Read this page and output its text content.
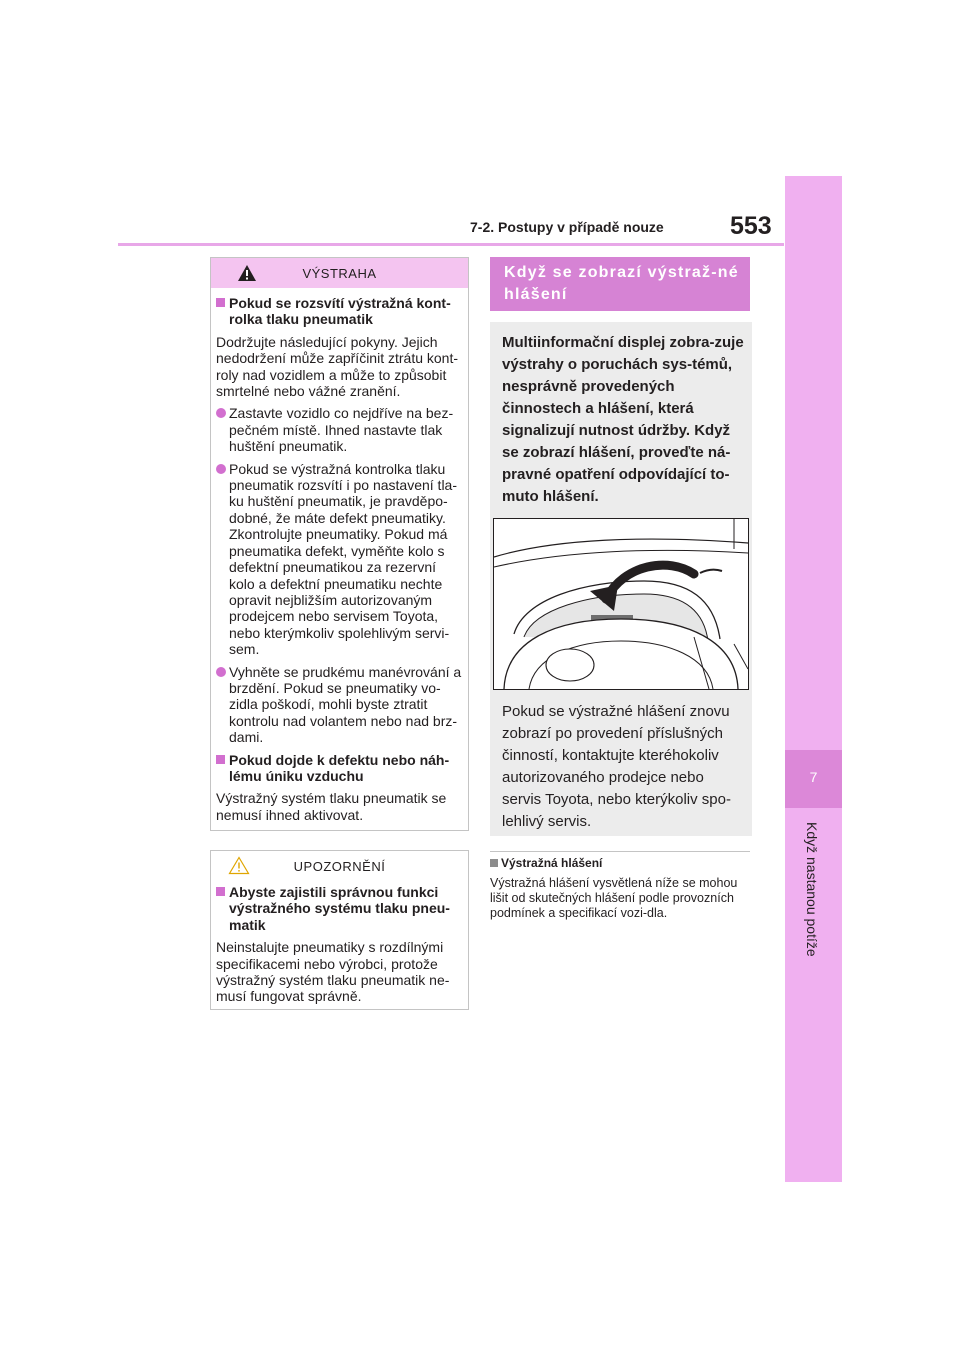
7-2. Postupy v případě nouze	553
7
Když nastanou potíže
VÝSTRAHA

Pokud se rozsvítí výstražná kont-rolka tlaku pneumatik

Dodržujte následující pokyny. Jejich nedodržení může zapříčinit ztrátu kont-roly nad vozidlem a může to způsobit smrtelné nebo vážné zranění.

Zastavte vozidlo co nejdříve na bez-pečném místě. Ihned nastavte tlak huštění pneumatik.

Pokud se výstražná kontrolka tlaku pneumatik rozsvítí i po nastavení tla-ku huštění pneumatik, je pravděpo-dobné, že máte defekt pneumatiky. Zkontrolujte pneumatiky. Pokud má pneumatika defekt, vyměňte kolo s defektní pneumatikou za rezervní kolo a defektní pneumatiku nechte opravit nejbližším autorizovaným prodejcem nebo servisem Toyota, nebo kterýmkoliv spolehlivým servi-sem.

Vyhněte se prudkému manévrování a brzdění. Pokud se pneumatiky vo-zidla poškodí, mohli byste ztratit kontrolu nad volantem nebo nad brz-dami.

Pokud dojde k defektu nebo náh-lému úniku vzduchu

Výstražný systém tlaku pneumatik se nemusí ihned aktivovat.

UPOZORNĚNÍ

Abyste zajistili správnou funkci výstražného systému tlaku pneu-matik

Neinstalujte pneumatiky s rozdílnými specifikacemi nebo výrobci, protože výstražný systém tlaku pneumatik ne-musí fungovat správně.

Když se zobrazí výstraž-né hlášení
Multiinformační displej zobra-zuje výstrahy o poruchách sys-témů, nesprávně provedených činnostech a hlášení, která signalizují nutnost údržby. Když se zobrazí hlášení, proveďte ná-pravné opatření odpovídající to-muto hlášení.
Pokud se výstražné hlášení znovu zobrazí po provedení příslušných činností, kontaktujte kteréhokoliv autorizovaného prodejce nebo servis Toyota, nebo kterýkoliv spo-lehlivý servis.
Výstražná hlášení
Výstražná hlášení vysvětlená níže se mohou lišit od skutečných hlášení podle provozních podmínek a specifikací vozi-dla.
